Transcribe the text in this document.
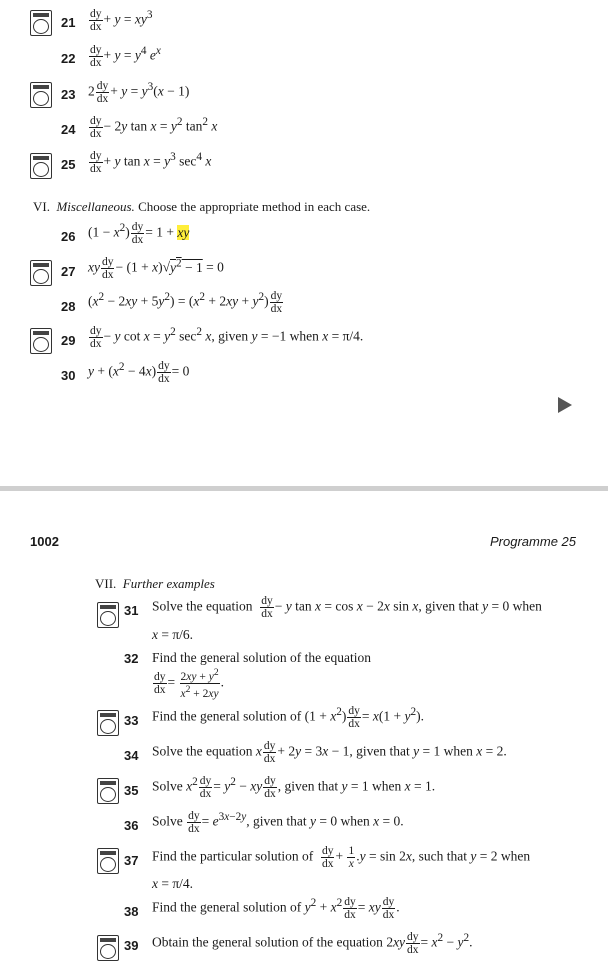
$21 \frac{dy}{dx} + y = xy^3$
$22 \frac{dy}{dx} + y = y^4$ $e^x$
23 $2 \frac{dy}{dx} + y = y^3(x - 1)$
$24 \frac{dy}{dx} - 2y$ $\tan x = y^2$ $\tan^2 x$
$25 \frac{dy}{dx} + y$ $\tan x = y^3$ $\sec^4 x$
VI. Miscellaneous. Choose the appropriate method in each case.
26 $(1 - x^2) \frac{dy}{dx} = 1$ + xy
27 xy $\frac{dy}{dx} - (1 + x)√y^2 - 1 = 0$
28 $(x^2 - 2xy + 5y^2) = (x^2 + 2xy + y^2) \frac{dy}{dx}$
$29 \frac{dy}{dx} - y$ $\cot x = y^2$ $\sec^2 x$, given y = −1 when x = π/4.
30 $y + (x^2 - 4x) \frac{dy}{dx} = 0$
1002	Programme 25
VII. Further examples
31 Solve the equation $\frac{dy}{dx} - y$ tan x = cos x − 2x sin x, given that y = 0 when
x = π/6.
32 Find the general solution of the equation
$\frac{dy}{dx} = \frac{2xy + y^2}{x^2 + 2xy}$ .
33 Find the general solution of $(1 + x^2) \frac{dy}{dx} = x(1 + y^2)$.
34 Solve the equation x $\frac{dy}{dx} + 2y = 3x - 1$, given that y = 1 when x = 2.
35 Solve $x^2 \frac{dy}{dx} = y^2$ − xy $\frac{dy}{dx}$ , given that y = 1 when x = 1.
36 Solve $\frac{dy}{dx} = e^{3x-2y}$, given that y = 0 when x = 0.
37 Find the particular solution of $\frac{dy}{dx} + \frac{1}{x} .y = \sin 2x$, such that y = 2 when
x = π/4.
38 Find the general solution of $y^2 + x^2 \frac{dy}{dx}$ = xy $\frac{dy}{dx}$ .
39 Obtain the general solution of the equation $2xy \frac{dy}{dx} = x^2 - y^2$.
